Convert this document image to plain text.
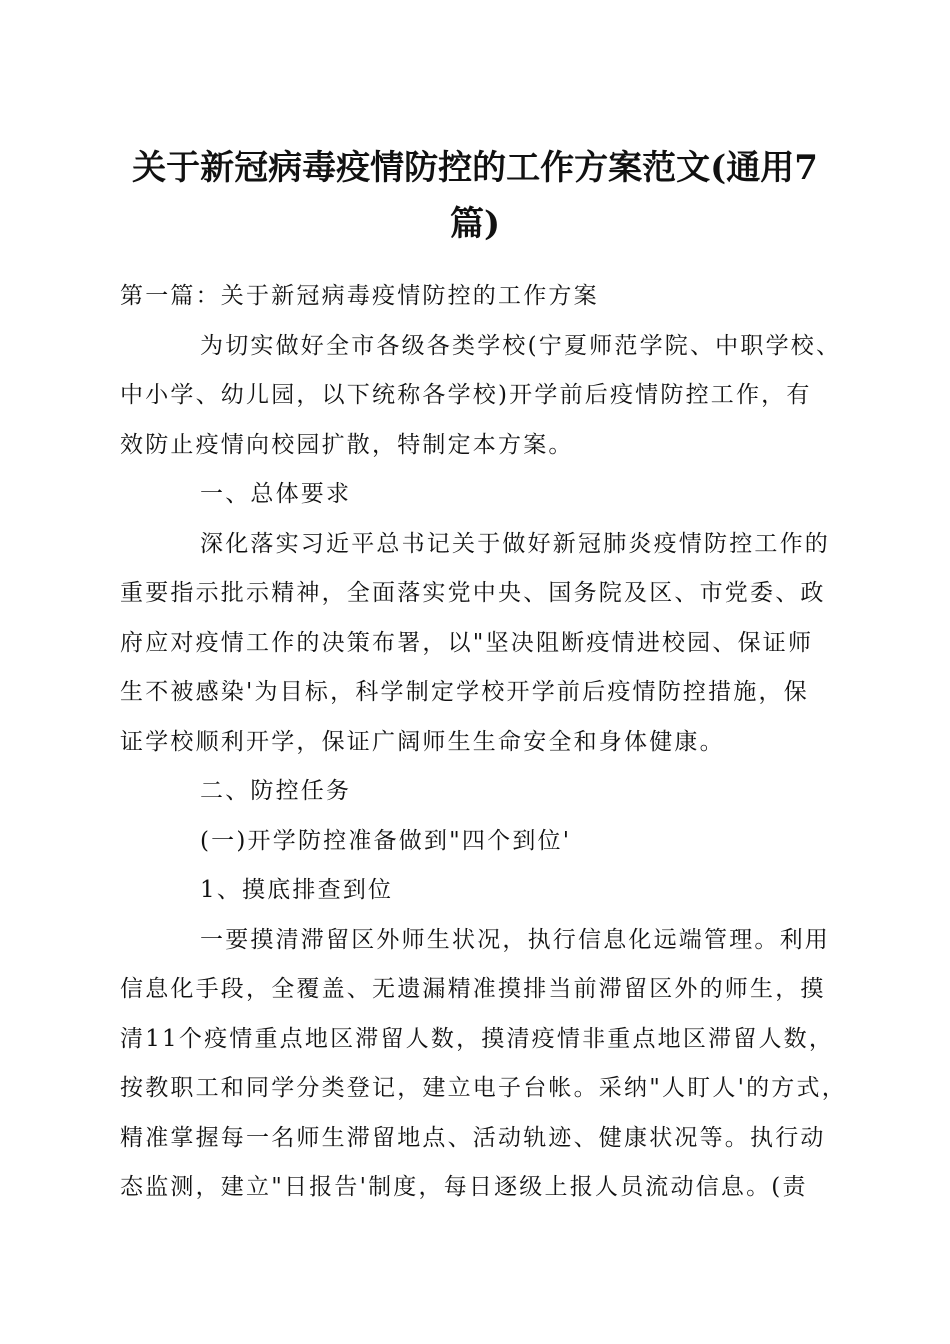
关于新冠病毒疫情防控的工作方案范文(通用7
篇)

第一篇：关于新冠病毒疫情防控的工作方案

为切实做好全市各级各类学校(宁夏师范学院、中职学校、

中小学、幼儿园，以下统称各学校)开学前后疫情防控工作，有
效防止疫情向校园扩散，特制定本方案。

一、总体要求

深化落实习近平总书记关于做好新冠肺炎疫情防控工作的

重要指示批示精神，全面落实党中央、国务院及区、市党委、政
府应对疫情工作的决策布署，以"坚决阻断疫情进校园、保证师
生不被感染'为目标，科学制定学校开学前后疫情防控措施，保
证学校顺利开学，保证广阔师生生命安全和身体健康。

二、防控任务

(一)开学防控准备做到"四个到位'

1、摸底排查到位

一要摸清滞留区外师生状况，执行信息化远端管理。利用

信息化手段，全覆盖、无遗漏精准摸排当前滞留区外的师生，摸
清11个疫情重点地区滞留人数，摸清疫情非重点地区滞留人数，
按教职工和同学分类登记，建立电子台帐。采纳"人盯人'的方式，
精准掌握每一名师生滞留地点、活动轨迹、健康状况等。执行动
态监测，建立"日报告'制度，每日逐级上报人员流动信息。(责
